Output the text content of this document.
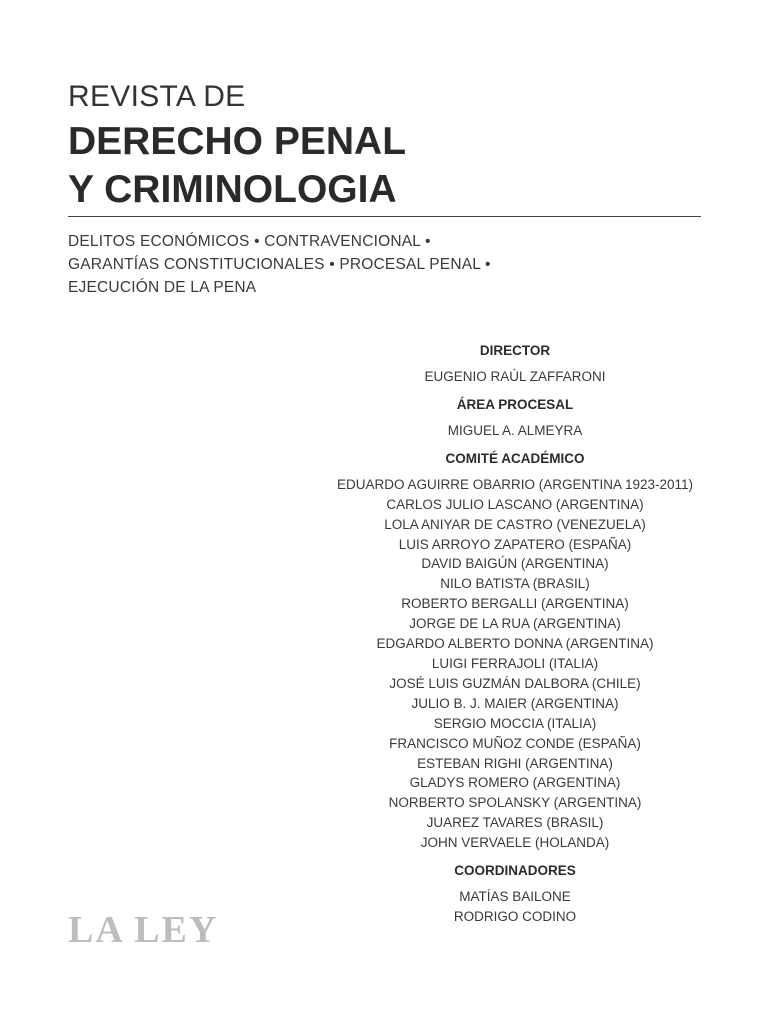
REVISTA DE
DERECHO PENAL
Y CRIMINOLOGIA
DELITOS ECONÓMICOS • CONTRAVENCIONAL •
GARANTÍAS CONSTITUCIONALES • PROCESAL PENAL •
EJECUCIÓN DE LA PENA
DIRECTOR
EUGENIO RAÚL ZAFFARONI
ÁREA PROCESAL
MIGUEL A. ALMEYRA
COMITÉ ACADÉMICO
EDUARDO AGUIRRE OBARRIO (ARGENTINA 1923-2011)
CARLOS JULIO LASCANO (ARGENTINA)
LOLA ANIYAR DE CASTRO (VENEZUELA)
LUIS ARROYO ZAPATERO (ESPAÑA)
DAVID BAIGÚN (ARGENTINA)
NILO BATISTA (BRASIL)
ROBERTO BERGALLI (ARGENTINA)
JORGE DE LA RUA (ARGENTINA)
EDGARDO ALBERTO DONNA (ARGENTINA)
LUIGI FERRAJOLI (ITALIA)
JOSÉ LUIS GUZMÁN DALBORA (CHILE)
JULIO B. J. MAIER (ARGENTINA)
SERGIO MOCCIA (ITALIA)
FRANCISCO MUÑOZ CONDE (ESPAÑA)
ESTEBAN RIGHI (ARGENTINA)
GLADYS ROMERO (ARGENTINA)
NORBERTO SPOLANSKY (ARGENTINA)
JUAREZ TAVARES (BRASIL)
JOHN VERVAELE (HOLANDA)
COORDINADORES
MATÍAS BAILONE
RODRIGO CODINO
LA LEY
